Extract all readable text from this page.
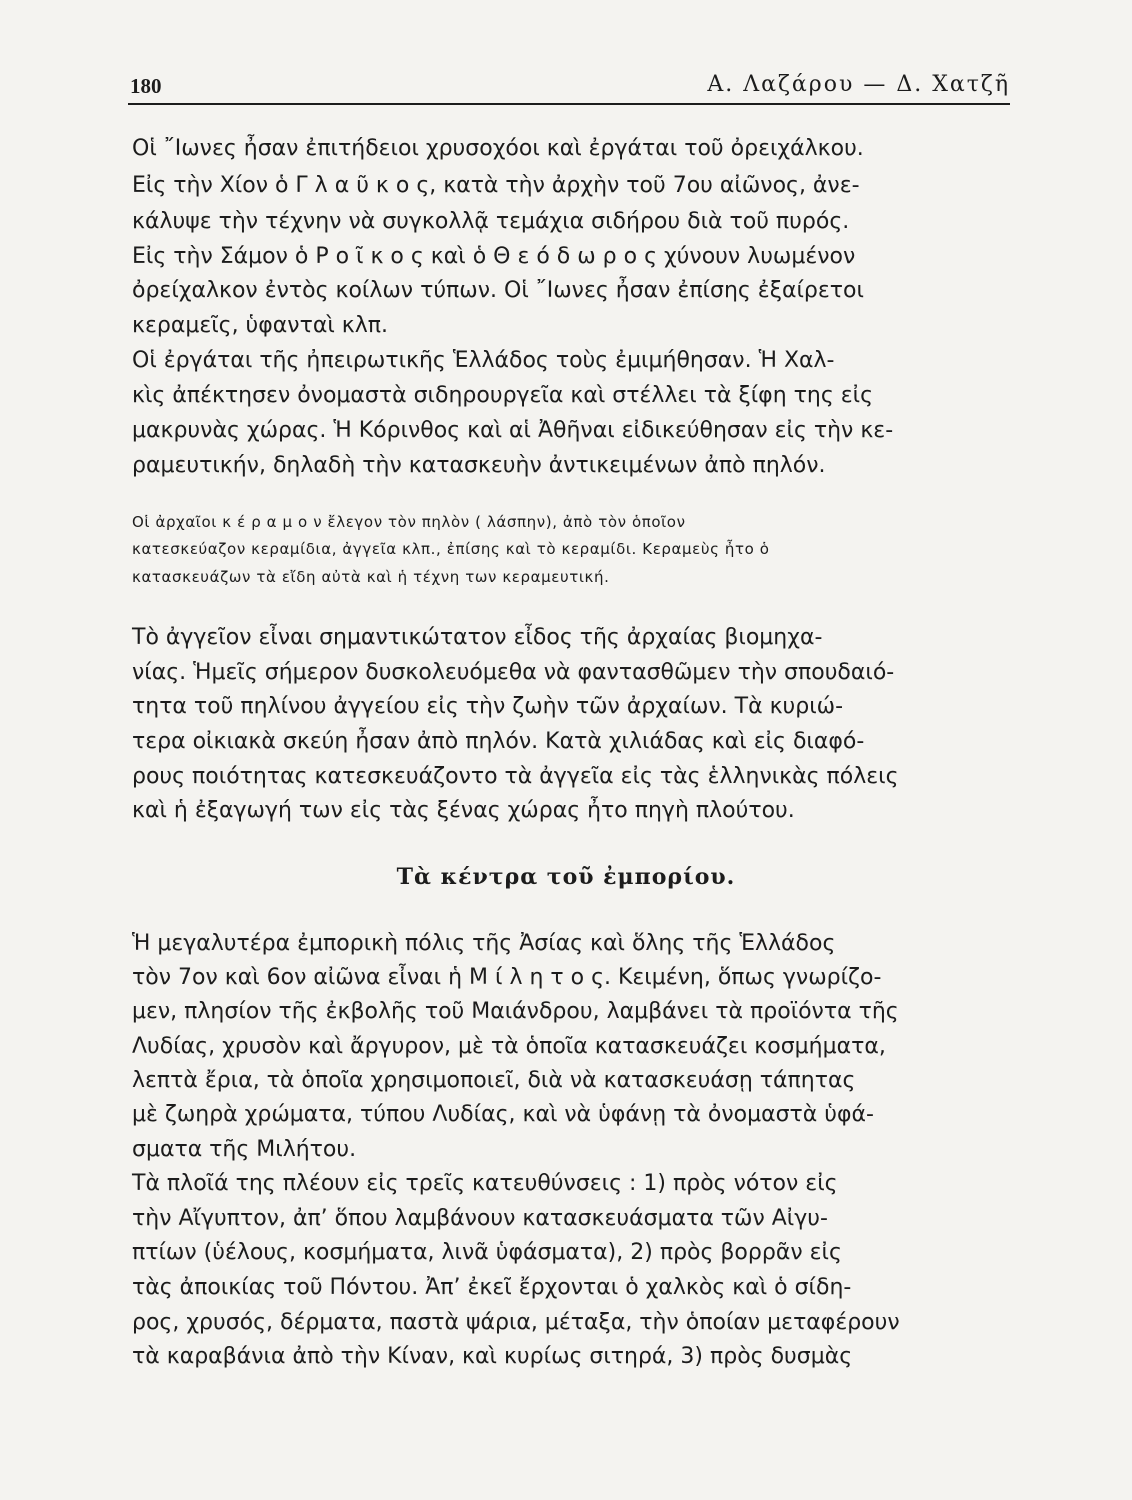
180	Α. Λαζάρου — Δ. Χατζῆ
Οἱ ῎Ιωνες ἦσαν ἐπιτήδειοι χρυσοχόοι καὶ ἐργάται τοῦ ὀρειχάλκου.
Εἰς τὴν Χίον ὁ Γ λ α ῦ κ ο ς, κατὰ τὴν ἀρχὴν τοῦ 7ου αἰῶνος, ἀνε-
κάλυψε τὴν τέχνην νὰ συγκολλᾷ τεμάχια σιδήρου διὰ τοῦ πυρός.
Εἰς τὴν Σάμον ὁ Ρ ο ῖ κ ο ς καὶ ὁ Θ ε ό δ ω ρ ο ς χύνουν λυωμένον
ὀρείχαλκον ἐντὸς κοίλων τύπων. Οἱ ῎Ιωνες ἦσαν ἐπίσης ἐξαίρετοι
κεραμεῖς, ὑφανταὶ κλπ.
Οἱ ἐργάται τῆς ἠπειρωτικῆς Ἑλλάδος τοὺς ἐμιμήθησαν. Ἡ Χαλ-
κὶς ἀπέκτησεν ὀνομαστὰ σιδηρουργεῖα καὶ στέλλει τὰ ξίφη της εἰς
μακρυνὰς χώρας. Ἡ Κόρινθος καὶ αἱ Ἀθῆναι εἰδικεύθησαν εἰς τὴν κε-
ραμευτικήν, δηλαδὴ τὴν κατασκευὴν ἀντικειμένων ἀπὸ πηλόν.
Οἱ ἀρχαῖοι κ έ ρ α μ ο ν ἔλεγον τὸν πηλὸν ( λάσπην), ἀπὸ τὸν ὁποῖον
κατεσκεύαζον κεραμίδια, ἀγγεῖα κλπ., ἐπίσης καὶ τὸ κεραμίδι. Κεραμεὺς ἦτο ὁ
κατασκευάζων τὰ εἴδη αὐτὰ καὶ ἡ τέχνη των κεραμευτική.
Τὸ ἀγγεῖον εἶναι σημαντικώτατον εἶδος τῆς ἀρχαίας βιομηχα-
νίας. Ἡμεῖς σήμερον δυσκολευόμεθα νὰ φαντασθῶμεν τὴν σπουδαιό-
τητα τοῦ πηλίνου ἀγγείου εἰς τὴν ζωὴν τῶν ἀρχαίων. Τὰ κυριώ-
τερα οἰκιακὰ σκεύη ἦσαν ἀπὸ πηλόν. Κατὰ χιλιάδας καὶ εἰς διαφό-
ρους ποιότητας κατεσκευάζοντο τὰ ἀγγεῖα εἰς τὰς ἑλληνικὰς πόλεις
καὶ ἡ ἐξαγωγή των εἰς τὰς ξένας χώρας ἦτο πηγὴ πλούτου.
Τὰ κέντρα τοῦ ἐμπορίου.
Ἡ μεγαλυτέρα ἐμπορικὴ πόλις τῆς Ἀσίας καὶ ὅλης τῆς Ἑλλάδος
τὸν 7ον καὶ 6ον αἰῶνα εἶναι ἡ Μ ί λ η τ ο ς. Κειμένη, ὅπως γνωρίζο-
μεν, πλησίον τῆς ἐκβολῆς τοῦ Μαιάνδρου, λαμβάνει τὰ προϊόντα τῆς
Λυδίας, χρυσὸν καὶ ἄργυρον, μὲ τὰ ὁποῖα κατασκευάζει κοσμήματα,
λεπτὰ ἔρια, τὰ ὁποῖα χρησιμοποιεῖ, διὰ νὰ κατασκευάσῃ τάπητας
μὲ ζωηρὰ χρώματα, τύπου Λυδίας, καὶ νὰ ὑφάνῃ τὰ ὀνομαστὰ ὑφά-
σματα τῆς Μιλήτου.
Τὰ πλοῖά της πλέουν εἰς τρεῖς κατευθύνσεις : 1) πρὸς νότον εἰς
τὴν Αἴγυπτον, ἀπ’ ὅπου λαμβάνουν κατασκευάσματα τῶν Αἰγυ-
πτίων (ὑέλους, κοσμήματα, λινᾶ ὑφάσματα), 2) πρὸς βορρᾶν εἰς
τὰς ἀποικίας τοῦ Πόντου. Ἀπ’ ἐκεῖ ἔρχονται ὁ χαλκὸς καὶ ὁ σίδη-
ρος, χρυσός, δέρματα, παστὰ ψάρια, μέταξα, τὴν ὁποίαν μεταφέρουν
τὰ καραβάνια ἀπὸ τὴν Κίναν, καὶ κυρίως σιτηρά, 3) πρὸς δυσμὰς
